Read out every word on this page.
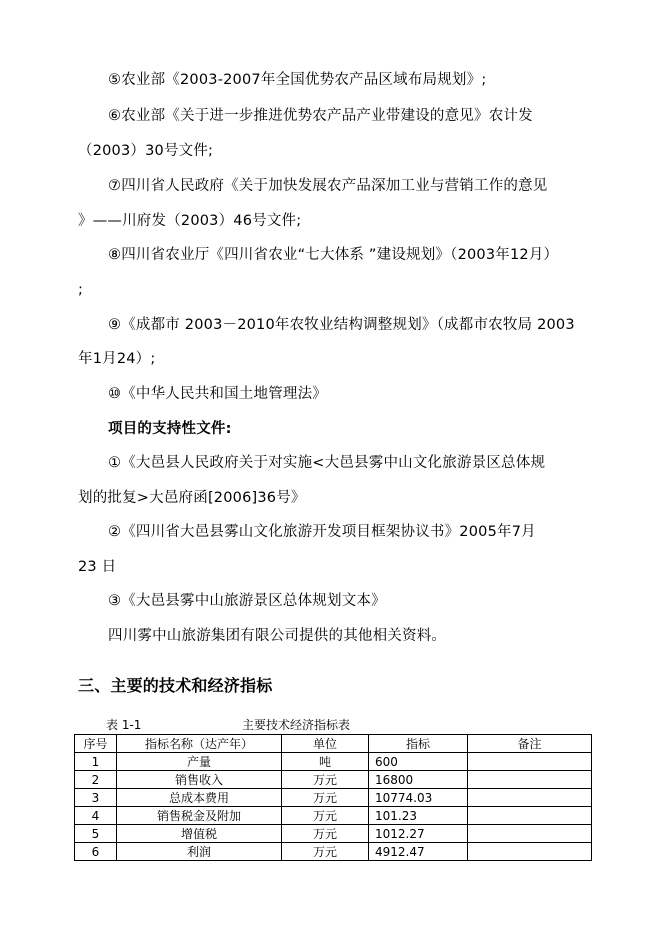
⑤农业部《2003-2007年全国优势农产品区域布局规划》;
⑥农业部《关于进一步推进优势农产品产业带建设的意见》农计发
（2003）30号文件;
⑦四川省人民政府《关于加快发展农产品深加工业与营销工作的意见
》——川府发（2003）46号文件;
⑧四川省农业厅《四川省农业“七大体系 ”建设规划》（2003年12月）
;
⑨《成都市 2003－2010年农牧业结构调整规划》（成都市农牧局 2003
年1月24）;
⑩《中华人民共和国土地管理法》
项目的支持性文件:
①《大邑县人民政府关于对实施<大邑县雾中山文化旅游景区总体规
划的批复>大邑府函[2006]36号》
②《四川省大邑县雾山文化旅游开发项目框架协议书》2005年7月
23 日
③《大邑县雾中山旅游景区总体规划文本》
四川雾中山旅游集团有限公司提供的其他相关资料。
三、主要的技术和经济指标
表 1-1	主要技术经济指标表
序号	指标名称（达产年）	单位	指标	备注
1	产量	吨	600	
2	销售收入	万元	16800	
3	总成本费用	万元	10774.03	
4	销售税金及附加	万元	101.23	
5	增值税	万元	1012.27	
6	利润	万元	4912.47	
